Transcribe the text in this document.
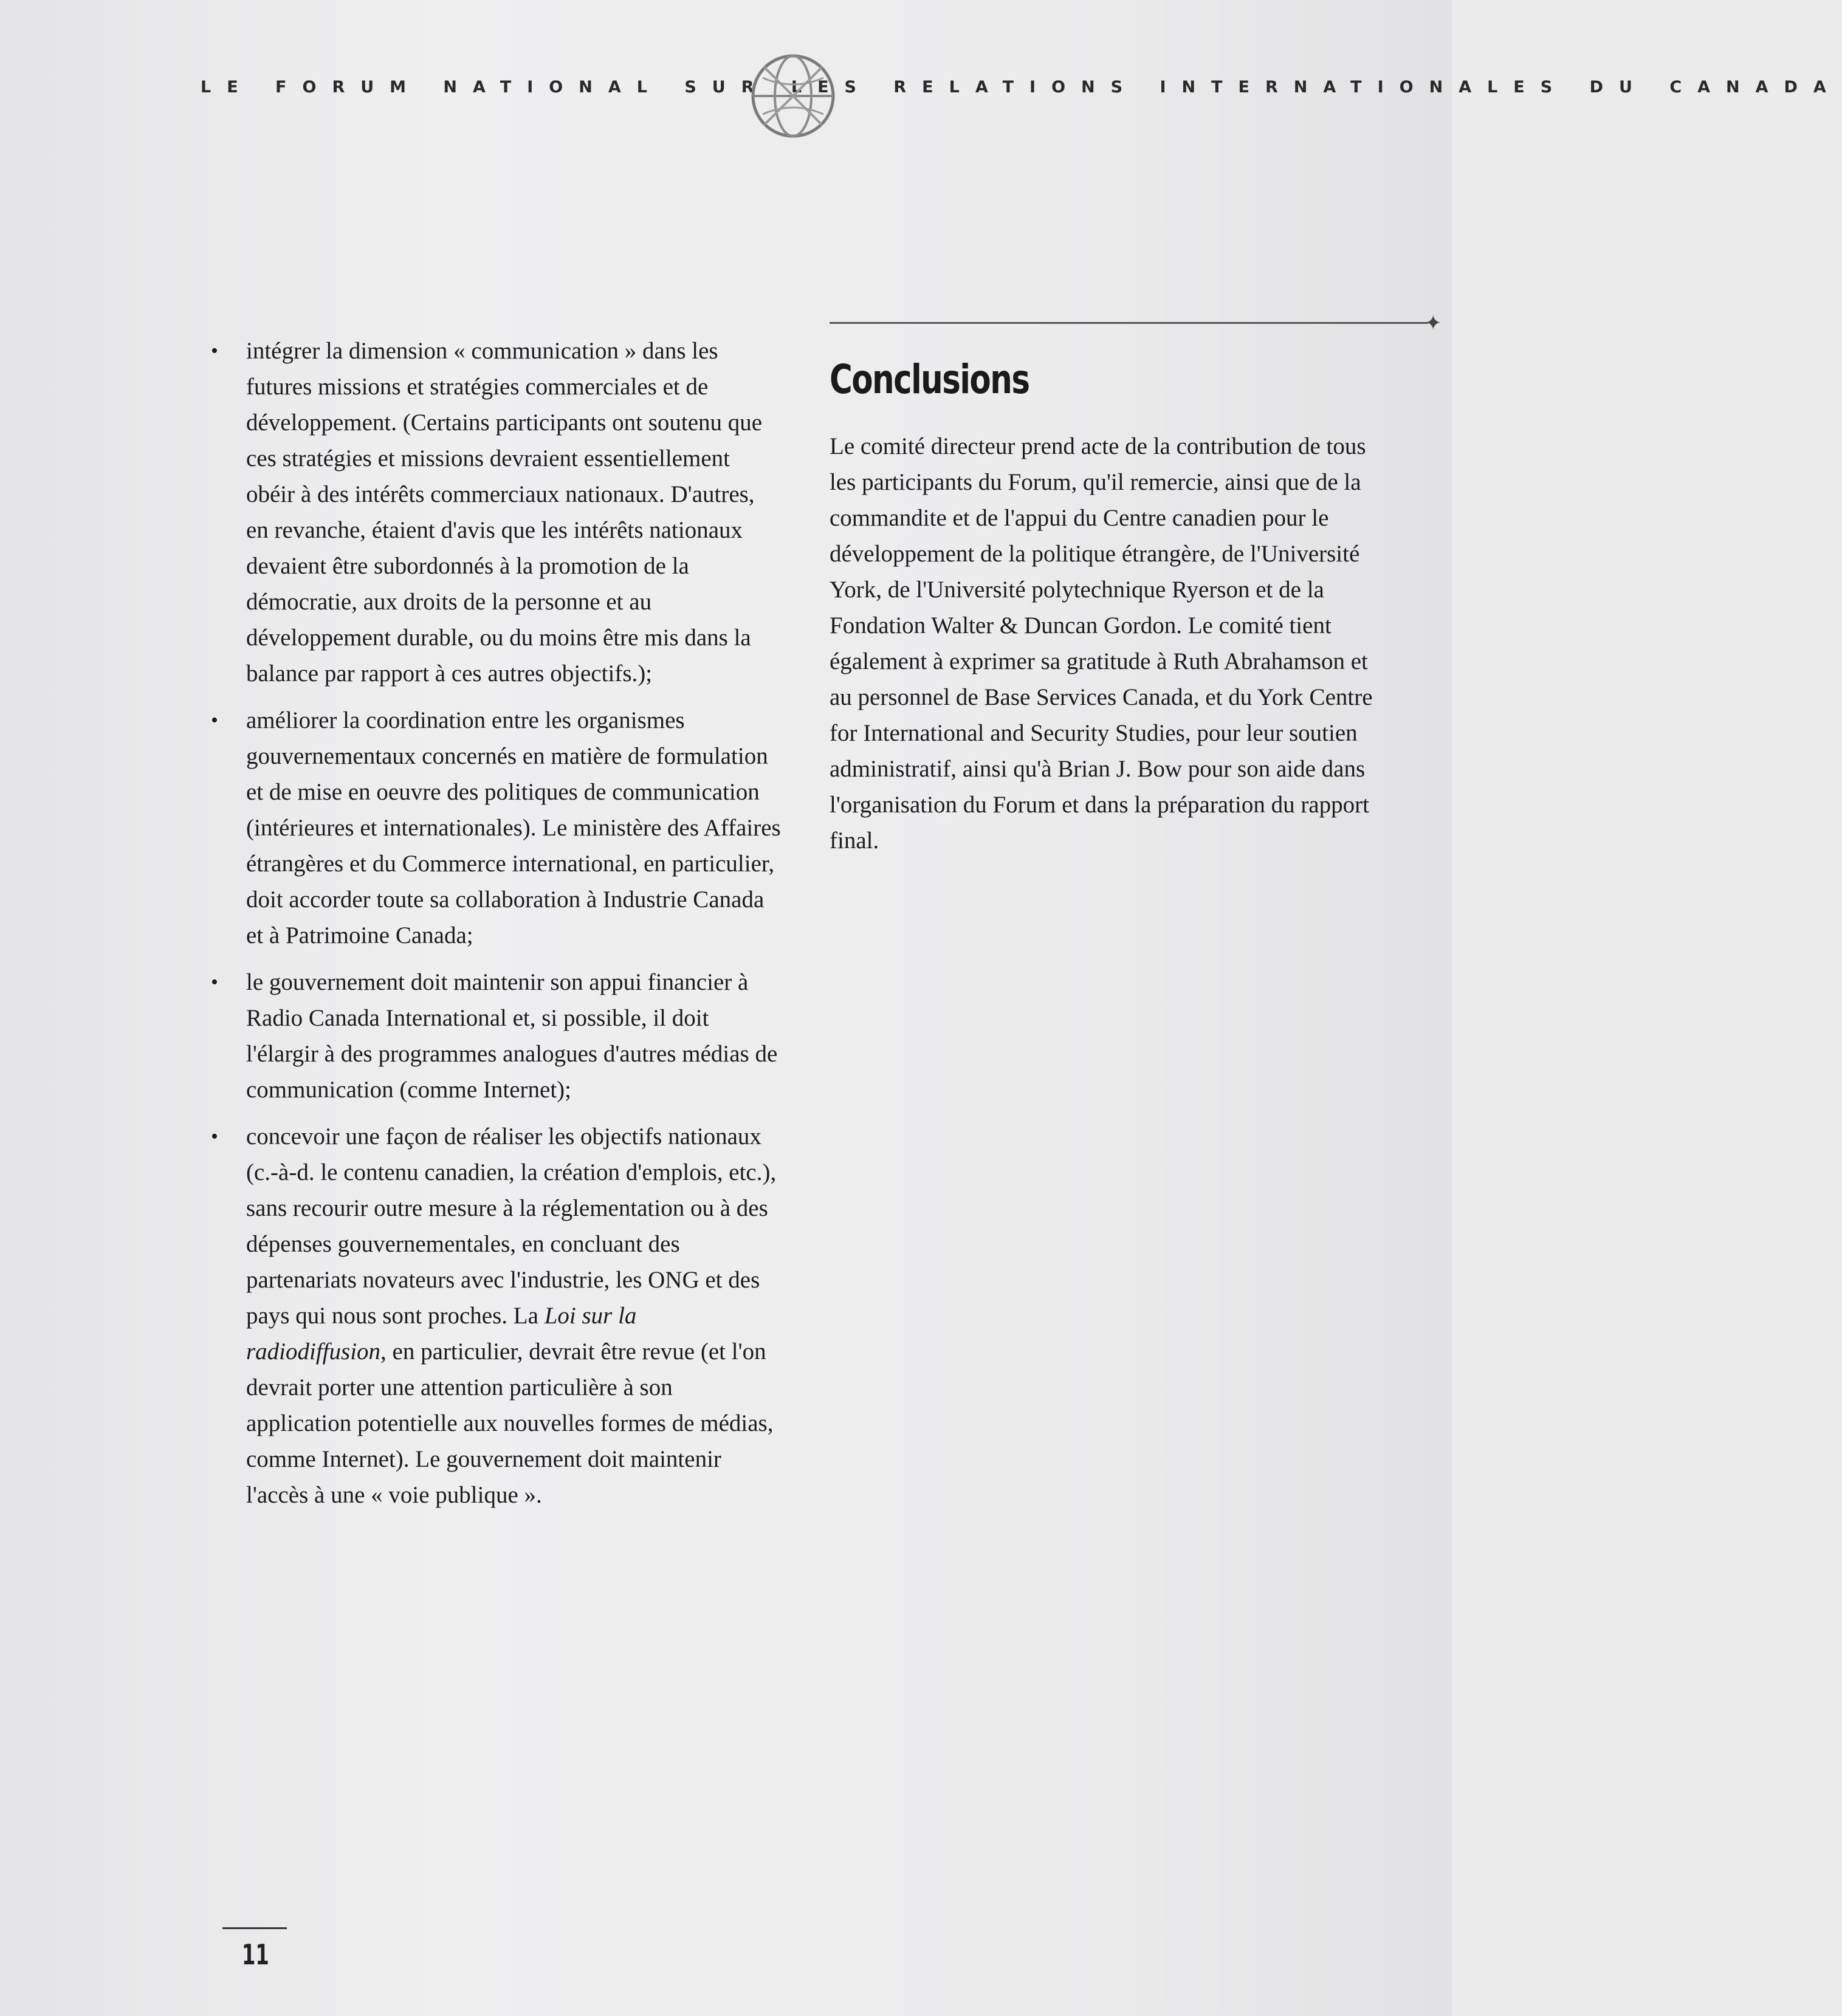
LE FORUM NATIONAL SUR LES RELATIONS INTERNATIONALES DU CANADA
✦
• intégrer la dimension « communication » dans les futures missions et stratégies commerciales et de développement. (Certains participants ont soutenu que ces stratégies et missions devraient essentiellement obéir à des intérêts commerciaux nationaux. D'autres, en revanche, étaient d'avis que les intérêts nationaux devaient être subordonnés à la promotion de la démocratie, aux droits de la personne et au développement durable, ou du moins être mis dans la balance par rapport à ces autres objectifs.);
• améliorer la coordination entre les organismes gouvernementaux concernés en matière de formulation et de mise en oeuvre des politiques de communication (intérieures et internationales). Le ministère des Affaires étrangères et du Commerce international, en particulier, doit accorder toute sa collaboration à Industrie Canada et à Patrimoine Canada;
• le gouvernement doit maintenir son appui financier à Radio Canada International et, si possible, il doit l'élargir à des programmes analogues d'autres médias de communication (comme Internet);
• concevoir une façon de réaliser les objectifs nationaux (c.-à-d. le contenu canadien, la création d'emplois, etc.), sans recourir outre mesure à la réglementation ou à des dépenses gouvernementales, en concluant des partenariats novateurs avec l'industrie, les ONG et des pays qui nous sont proches. La Loi sur la radiodiffusion, en particulier, devrait être revue (et l'on devrait porter une attention particulière à son application potentielle aux nouvelles formes de médias, comme Internet). Le gouvernement doit maintenir l'accès à une « voie publique ».
Conclusions

Le comité directeur prend acte de la contribution de tous les participants du Forum, qu'il remercie, ainsi que de la commandite et de l'appui du Centre canadien pour le développement de la politique étrangère, de l'Université York, de l'Université polytechnique Ryerson et de la Fondation Walter & Duncan Gordon. Le comité tient également à exprimer sa gratitude à Ruth Abrahamson et au personnel de Base Services Canada, et du York Centre for International and Security Studies, pour leur soutien administratif, ainsi qu'à Brian J. Bow pour son aide dans l'organisation du Forum et dans la préparation du rapport final.

11
